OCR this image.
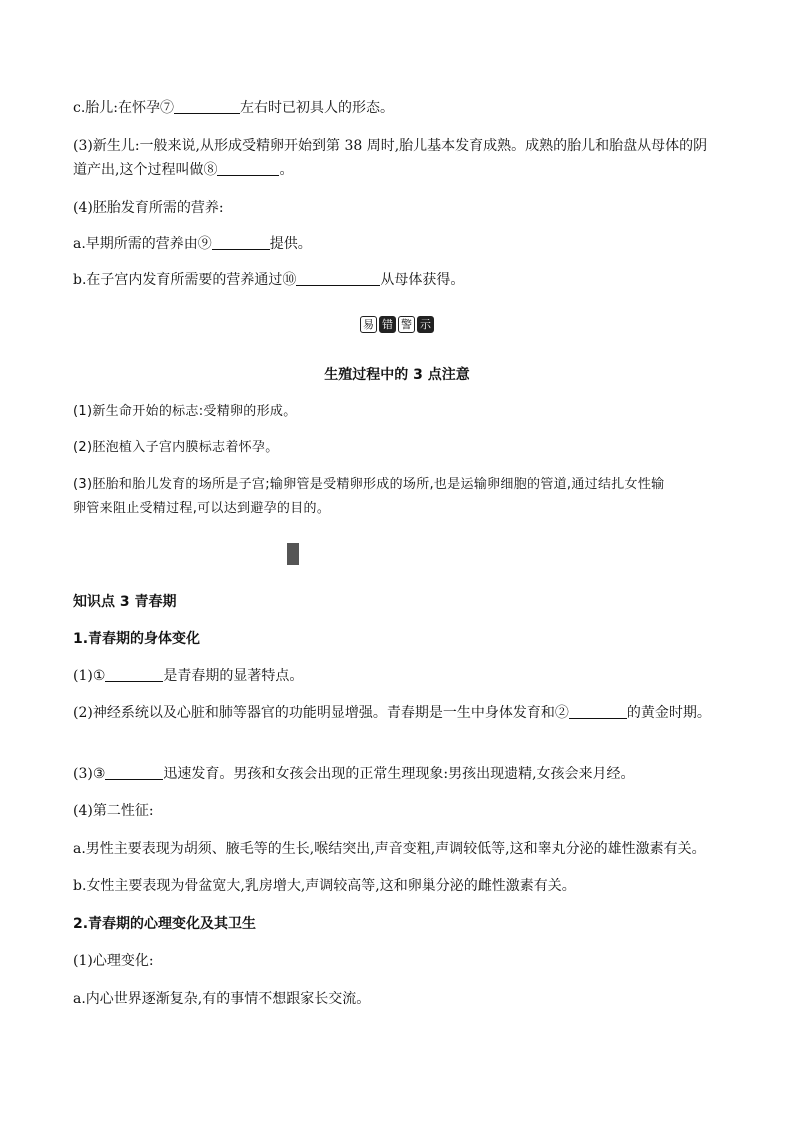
c.胎儿:在怀孕⑦	左右时已初具人的形态。
(3)新生儿:一般来说,从形成受精卵开始到第 38 周时,胎儿基本发育成熟。成熟的胎儿和胎盘从母体的阴
道产出,这个过程叫做⑧	。
(4)胚胎发育所需的营养:
a.早期所需的营养由⑨	提供。
b.在子宫内发育所需要的营养通过⑩	从母体获得。
易 错 警 示
生殖过程中的 3 点注意
(1)新生命开始的标志:受精卵的形成。
(2)胚泡植入子宫内膜标志着怀孕。
(3)胚胎和胎儿发育的场所是子宫;输卵管是受精卵形成的场所,也是运输卵细胞的管道,通过结扎女性输
卵管来阻止受精过程,可以达到避孕的目的。
知识点 3 青春期
1.青春期的身体变化
(1)①	是青春期的显著特点。
(2)神经系统以及心脏和肺等器官的功能明显增强。青春期是一生中身体发育和②	的黄金时期。
(3)③	迅速发育。男孩和女孩会出现的正常生理现象:男孩出现遗精,女孩会来月经。
(4)第二性征:
a.男性主要表现为胡须、腋毛等的生长,喉结突出,声音变粗,声调较低等,这和睾丸分泌的雄性激素有关。
b.女性主要表现为骨盆宽大,乳房增大,声调较高等,这和卵巢分泌的雌性激素有关。
2.青春期的心理变化及其卫生
(1)心理变化:
a.内心世界逐渐复杂,有的事情不想跟家长交流。
